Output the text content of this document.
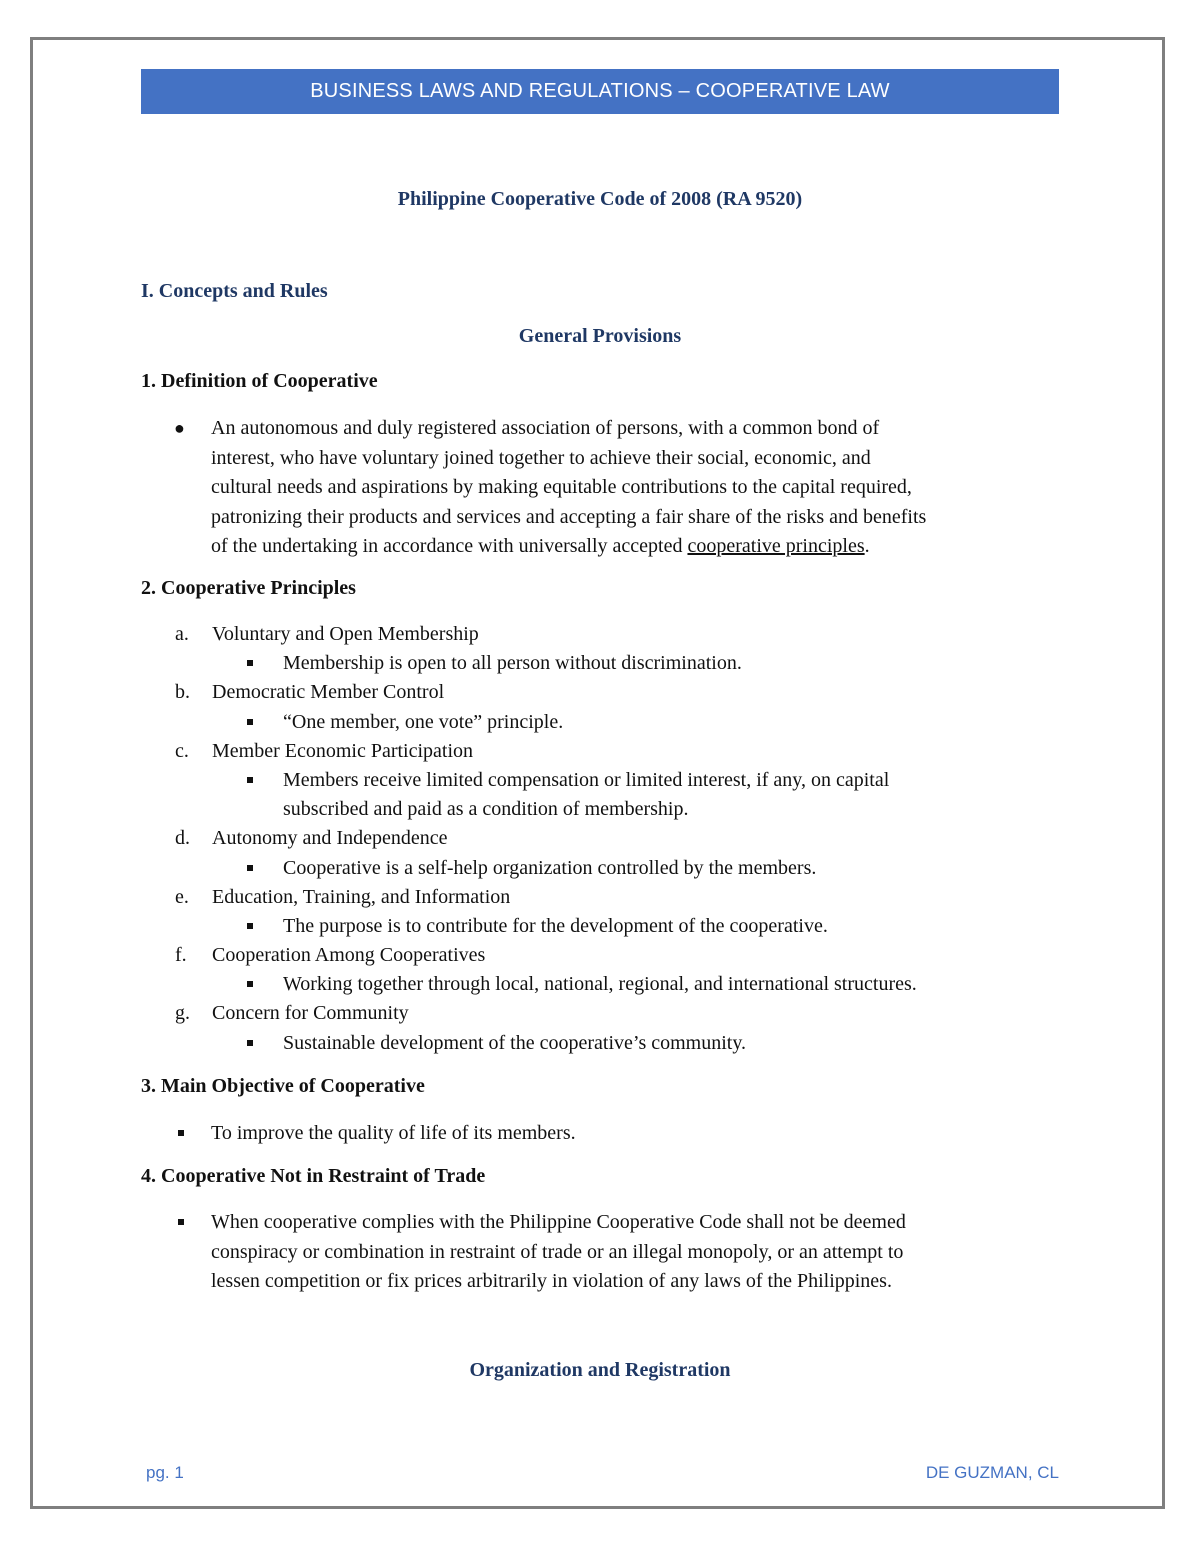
BUSINESS LAWS AND REGULATIONS – COOPERATIVE LAW
Philippine Cooperative Code of 2008 (RA 9520)
I. Concepts and Rules
General Provisions
1. Definition of Cooperative
● An autonomous and duly registered association of persons, with a common bond of
interest, who have voluntary joined together to achieve their social, economic, and
cultural needs and aspirations by making equitable contributions to the capital required,
patronizing their products and services and accepting a fair share of the risks and benefits
of the undertaking in accordance with universally accepted cooperative principles.
2. Cooperative Principles
a. Voluntary and Open Membership
Membership is open to all person without discrimination.
b. Democratic Member Control
“One member, one vote” principle.
c. Member Economic Participation
Members receive limited compensation or limited interest, if any, on capital
subscribed and paid as a condition of membership.
d. Autonomy and Independence
Cooperative is a self-help organization controlled by the members.
e. Education, Training, and Information
The purpose is to contribute for the development of the cooperative.
f. Cooperation Among Cooperatives
Working together through local, national, regional, and international structures.
g. Concern for Community
Sustainable development of the cooperative’s community.
3. Main Objective of Cooperative
To improve the quality of life of its members.
4. Cooperative Not in Restraint of Trade
When cooperative complies with the Philippine Cooperative Code shall not be deemed
conspiracy or combination in restraint of trade or an illegal monopoly, or an attempt to
lessen competition or fix prices arbitrarily in violation of any laws of the Philippines.
Organization and Registration
pg. 1	DE GUZMAN, CL
